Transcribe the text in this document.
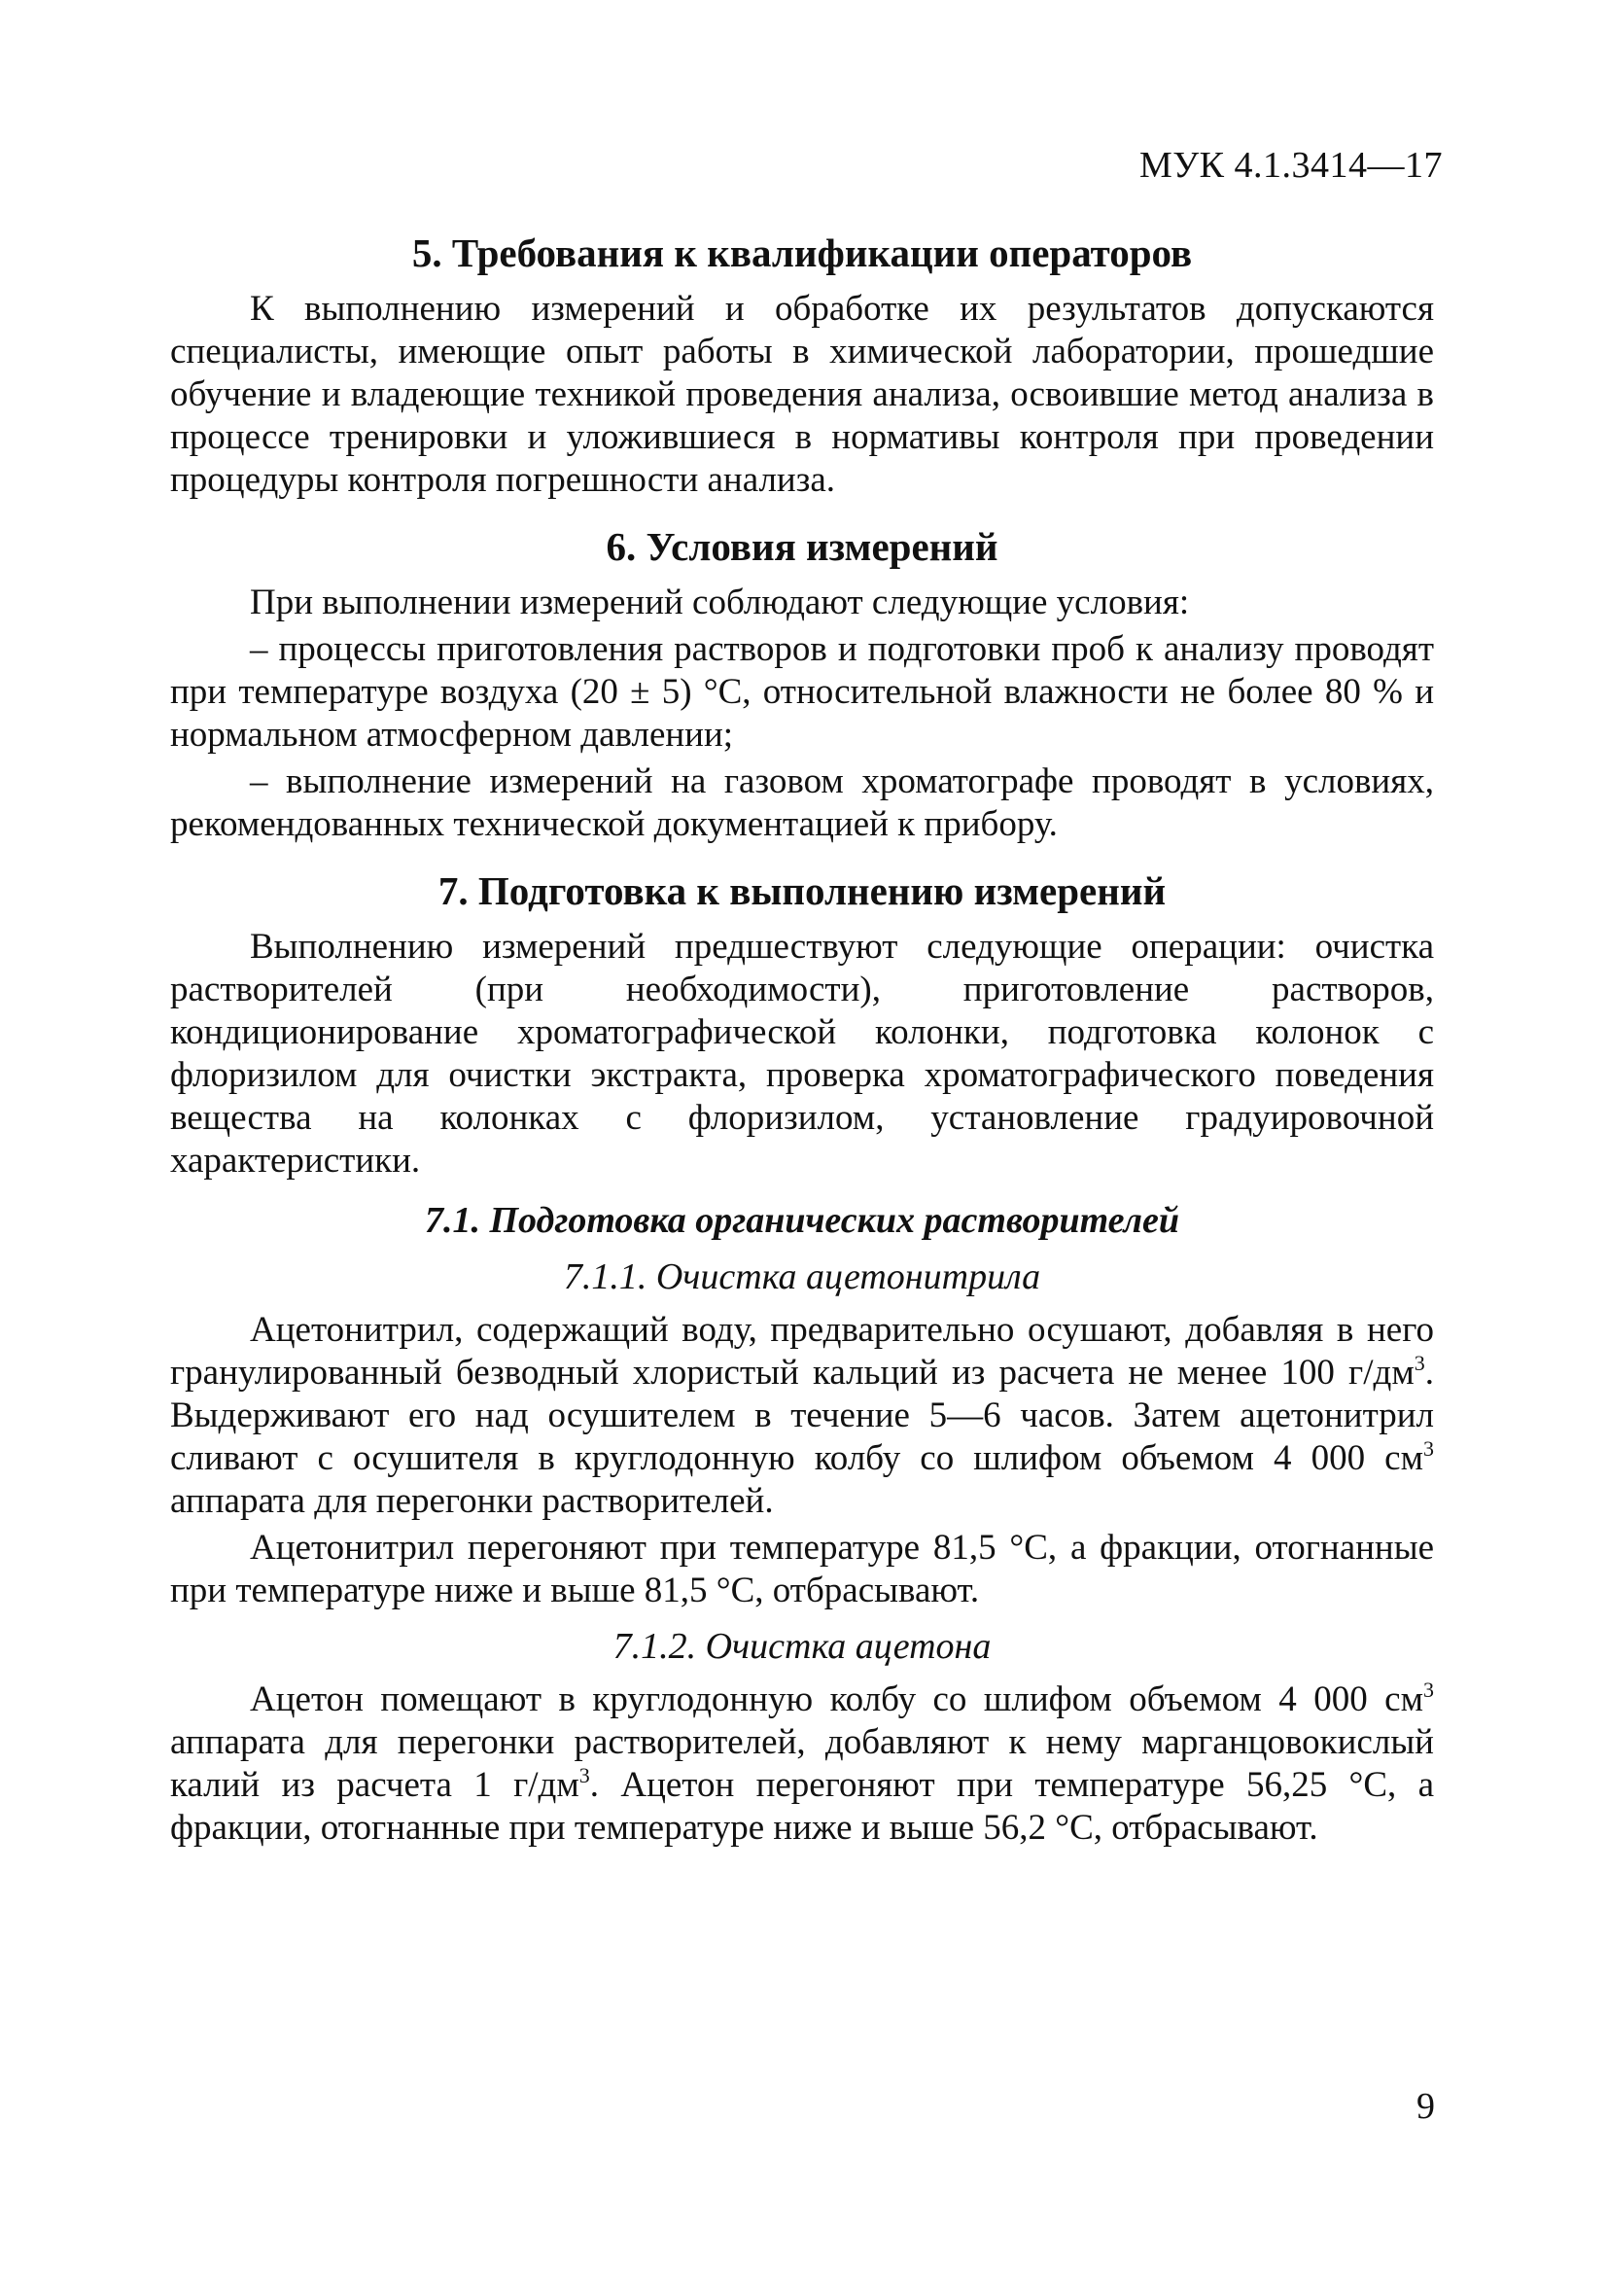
МУК 4.1.3414—17
5. Требования к квалификации операторов

К выполнению измерений и обработке их результатов допускаются специалисты, имеющие опыт работы в химической лаборатории, прошедшие обучение и владеющие техникой проведения анализа, освоившие метод анализа в процессе тренировки и уложившиеся в нормативы контроля при проведении процедуры контроля погрешности анализа.

6. Условия измерений

При выполнении измерений соблюдают следующие условия:

– процессы приготовления растворов и подготовки проб к анализу проводят при температуре воздуха (20 ± 5) °С, относительной влажности не более 80 % и нормальном атмосферном давлении;

– выполнение измерений на газовом хроматографе проводят в условиях, рекомендованных технической документацией к прибору.

7. Подготовка к выполнению измерений

Выполнению измерений предшествуют следующие операции: очистка растворителей (при необходимости), приготовление растворов, кондиционирование хроматографической колонки, подготовка колонок с флоризилом для очистки экстракта, проверка хроматографического поведения вещества на колонках с флоризилом, установление градуировочной характеристики.

7.1. Подготовка органических растворителей
7.1.1. Очистка ацетонитрила

Ацетонитрил, содержащий воду, предварительно осушают, добавляя в него гранулированный безводный хлористый кальций из расчета не менее 100 $г/дм^3$. Выдерживают его над осушителем в течение 5—6 часов. Затем ацетонитрил сливают с осушителя в круглодонную колбу со шлифом объемом 4 000 $см^3$ аппарата для перегонки растворителей.

Ацетонитрил перегоняют при температуре 81,5 °С, а фракции, отогнанные при температуре ниже и выше 81,5 °С, отбрасывают.

7.1.2. Очистка ацетона

Ацетон помещают в круглодонную колбу со шлифом объемом 4 000 $см^3$ аппарата для перегонки растворителей, добавляют к нему марганцовокислый калий из расчета 1 $г/дм^3$. Ацетон перегоняют при температуре 56,25 °С, а фракции, отогнанные при температуре ниже и выше 56,2 °С, отбрасывают.

9
